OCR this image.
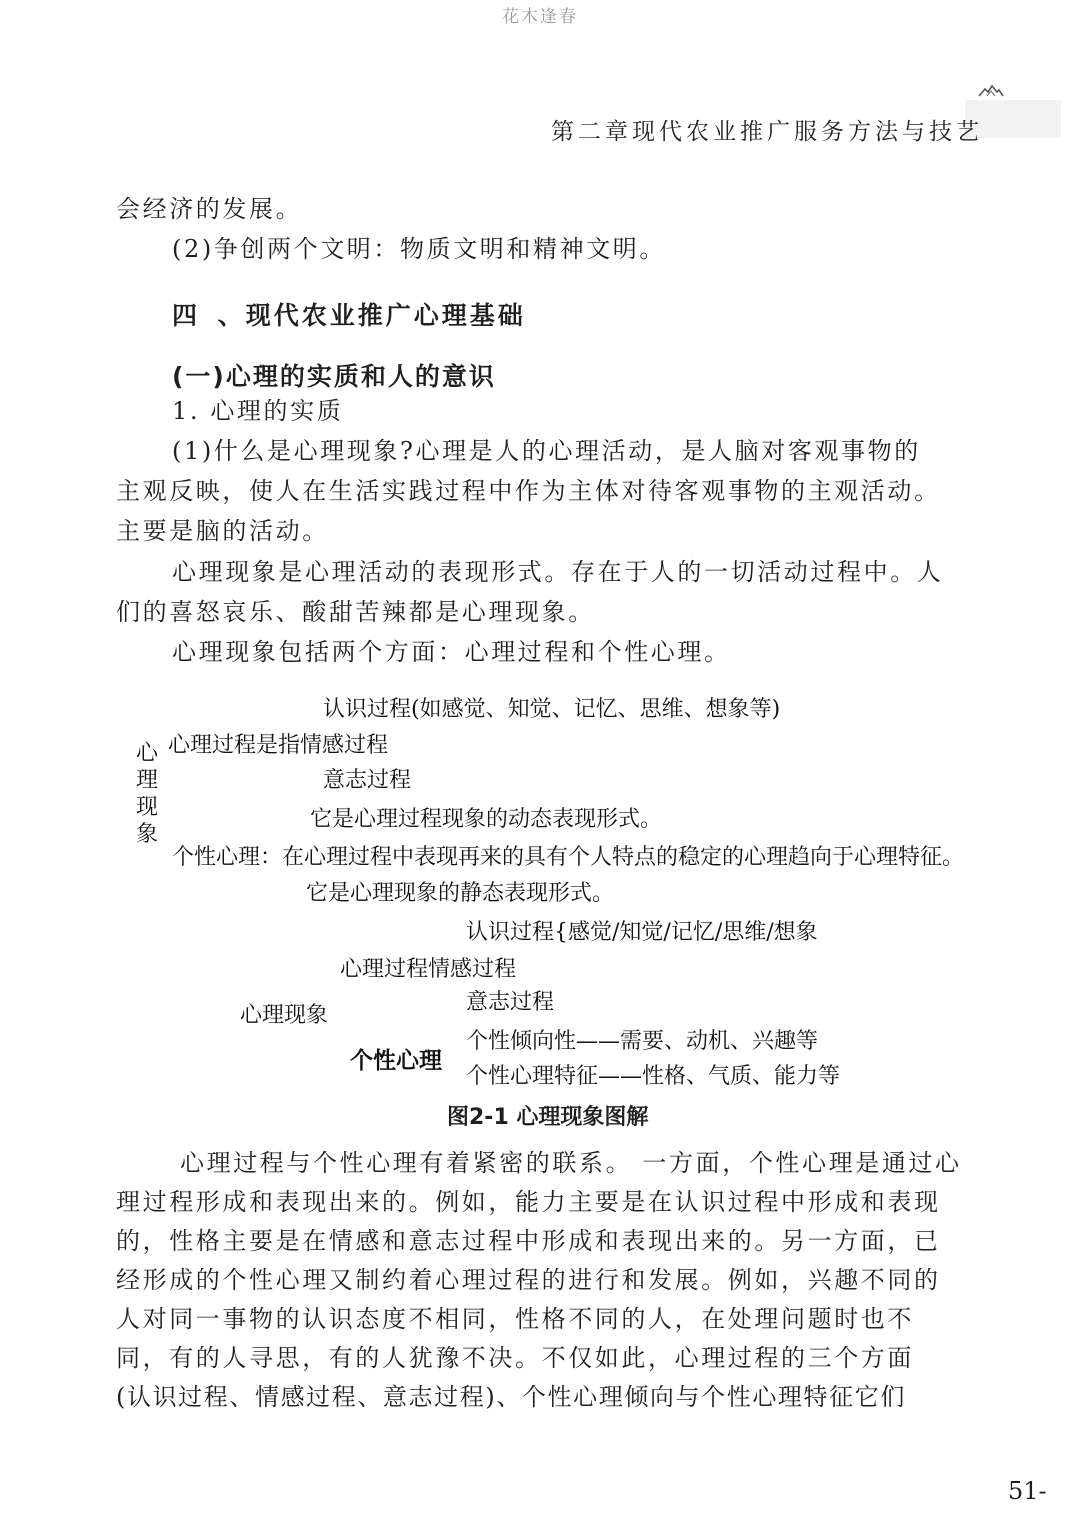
花木逢春
第二章现代农业推广服务方法与技艺
会经济的发展。
(2)争创两个文明：物质文明和精神文明。
四 、现代农业推广心理基础
(一)心理的实质和人的意识
1. 心理的实质
(1)什么是心理现象?心理是人的心理活动，是人脑对客观事物的
主观反映，使人在生活实践过程中作为主体对待客观事物的主观活动。
主要是脑的活动。
心理现象是心理活动的表现形式。存在于人的一切活动过程中。人
们的喜怒哀乐、酸甜苦辣都是心理现象。
心理现象包括两个方面：心理过程和个性心理。
认识过程(如感觉、知觉、记忆、思维、想象等)
心理现象
心理过程是指情感过程
意志过程
它是心理过程现象的动态表现形式。
个性心理：在心理过程中表现再来的具有个人特点的稳定的心理趋向于心理特征。
它是心理现象的静态表现形式。
认识过程{感觉/知觉/记忆/思维/想象
心理过程情感过程
意志过程
心理现象
个性倾向性——需要、动机、兴趣等
个性心理
个性心理特征——性格、气质、能力等
图2-1 心理现象图解
心理过程与个性心理有着紧密的联系。 一方面，个性心理是通过心
理过程形成和表现出来的。例如，能力主要是在认识过程中形成和表现
的，性格主要是在情感和意志过程中形成和表现出来的。另一方面，已
经形成的个性心理又制约着心理过程的进行和发展。例如，兴趣不同的
人对同一事物的认识态度不相同，性格不同的人，在处理问题时也不
同，有的人寻思，有的人犹豫不决。不仅如此，心理过程的三个方面
(认识过程、情感过程、意志过程)、个性心理倾向与个性心理特征它们
51-
